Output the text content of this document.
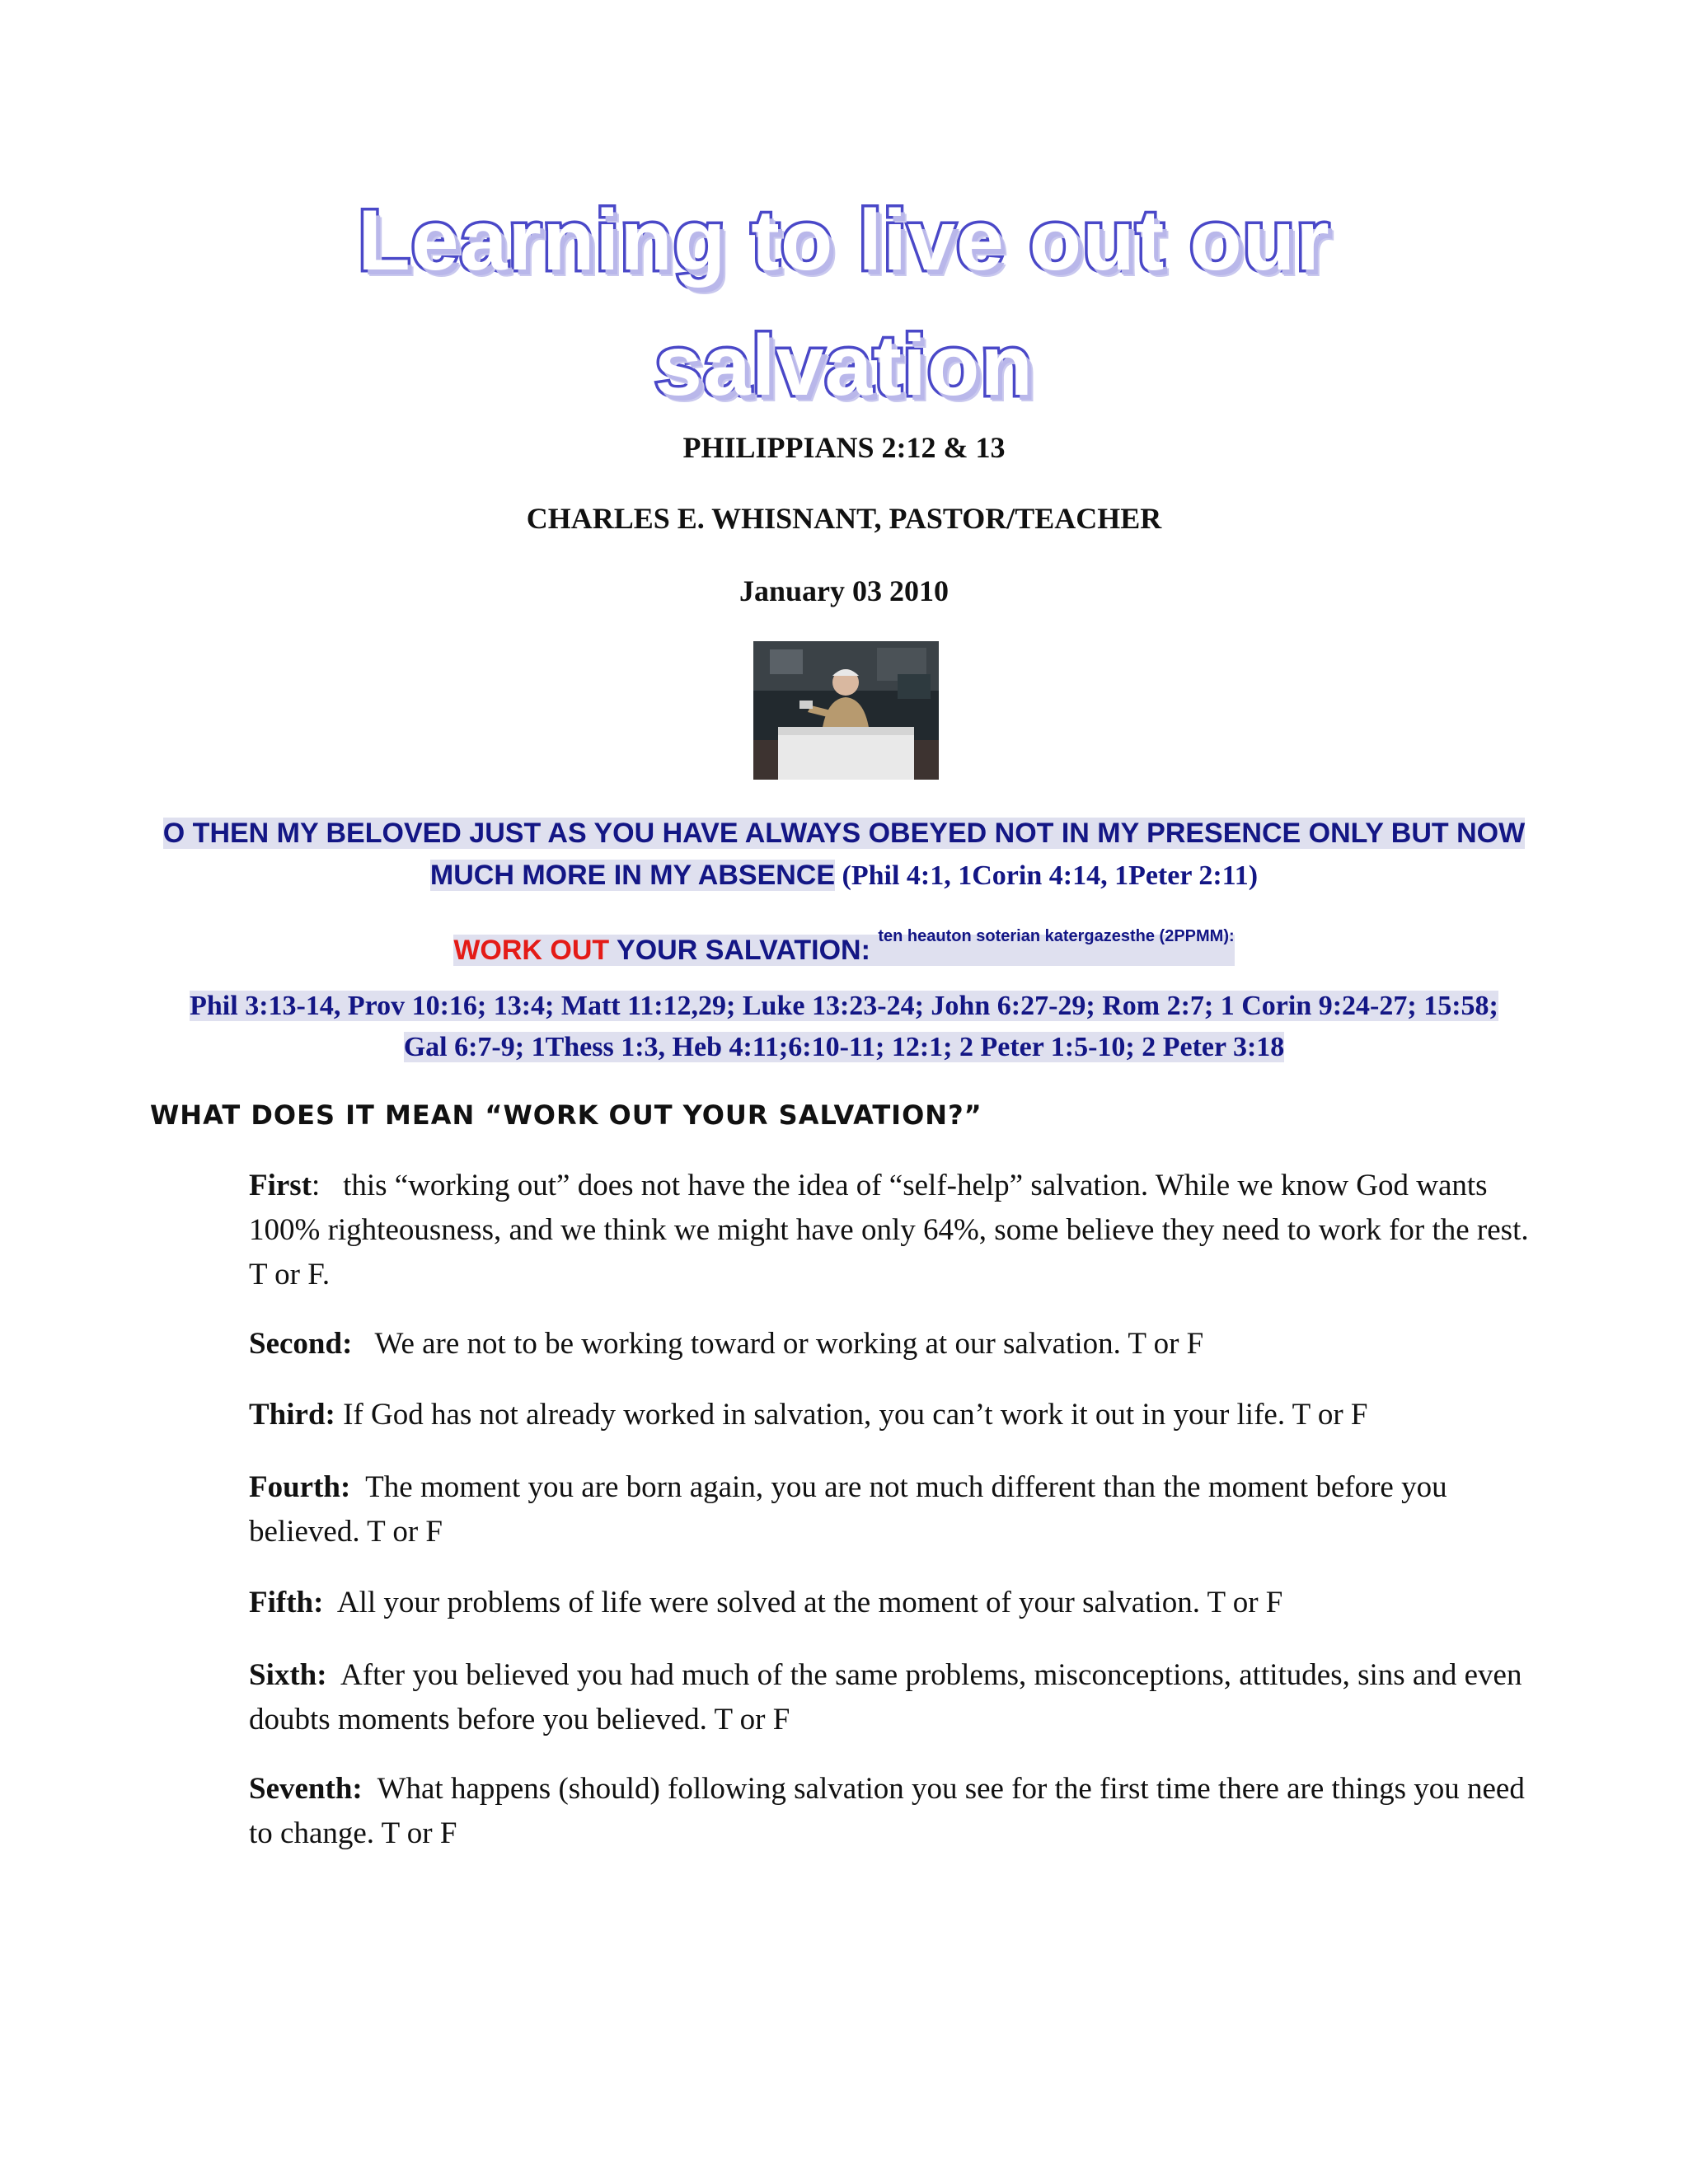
Learning to live out our
salvation
PHILIPPIANS 2:12 & 13
CHARLES E. WHISNANT, PASTOR/TEACHER
January 03 2010
O THEN MY BELOVED JUST AS YOU HAVE ALWAYS OBEYED NOT IN MY PRESENCE ONLY BUT NOW MUCH MORE IN MY ABSENCE (Phil 4:1, 1Corin 4:14, 1Peter 2:11)
WORK OUT YOUR SALVATION: $^{ten heauton soterian katergazesthe (2PPMM):}$
Phil 3:13-14, Prov 10:16; 13:4; Matt 11:12,29; Luke 13:23-24; John 6:27-29; Rom 2:7; 1 Corin 9:24-27; 15:58; Gal 6:7-9; 1Thess 1:3, Heb 4:11;6:10-11; 12:1; 2 Peter 1:5-10; 2 Peter 3:18
WHAT DOES IT MEAN “WORK OUT YOUR SALVATION?”
First: this “working out” does not have the idea of “self-help” salvation. While we know God wants 100% righteousness, and we think we might have only 64%, some believe they need to work for the rest. T or F.
Second: We are not to be working toward or working at our salvation. T or F
Third: If God has not already worked in salvation, you can’t work it out in your life. T or F
Fourth: The moment you are born again, you are not much different than the moment before you believed. T or F
Fifth: All your problems of life were solved at the moment of your salvation. T or F
Sixth: After you believed you had much of the same problems, misconceptions, attitudes, sins and even doubts moments before you believed. T or F
Seventh: What happens (should) following salvation you see for the first time there are things you need to change. T or F
